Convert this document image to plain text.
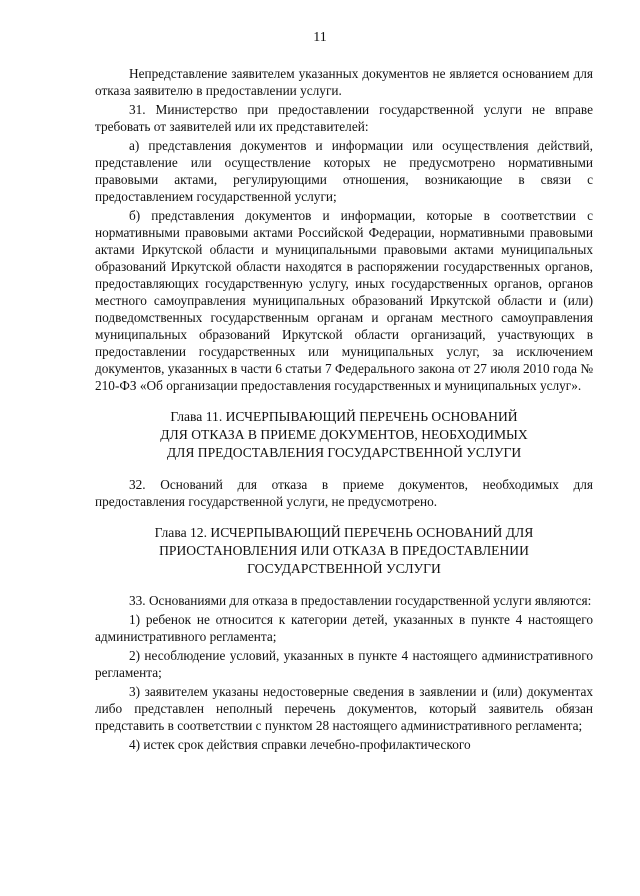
11

Непредставление заявителем указанных документов не является основанием для отказа заявителю в предоставлении услуги.

31. Министерство при предоставлении государственной услуги не вправе требовать от заявителей или их представителей:

а) представления документов и информации или осуществления действий, представление или осуществление которых не предусмотрено нормативными правовыми актами, регулирующими отношения, возникающие в связи с предоставлением государственной услуги;

б) представления документов и информации, которые в соответствии с нормативными правовыми актами Российской Федерации, нормативными правовыми актами Иркутской области и муниципальными правовыми актами муниципальных образований Иркутской области находятся в распоряжении государственных органов, предоставляющих государственную услугу, иных государственных органов, органов местного самоуправления муниципальных образований Иркутской области и (или) подведомственных государственным органам и органам местного самоуправления муниципальных образований Иркутской области организаций, участвующих в предоставлении государственных или муниципальных услуг, за исключением документов, указанных в части 6 статьи 7 Федерального закона от 27 июля 2010 года № 210-ФЗ «Об организации предоставления государственных и муниципальных услуг».

Глава 11. ИСЧЕРПЫВАЮЩИЙ ПЕРЕЧЕНЬ ОСНОВАНИЙ
ДЛЯ ОТКАЗА В ПРИЕМЕ ДОКУМЕНТОВ, НЕОБХОДИМЫХ
ДЛЯ ПРЕДОСТАВЛЕНИЯ ГОСУДАРСТВЕННОЙ УСЛУГИ

32. Оснований для отказа в приеме документов, необходимых для предоставления государственной услуги, не предусмотрено.

Глава 12. ИСЧЕРПЫВАЮЩИЙ ПЕРЕЧЕНЬ ОСНОВАНИЙ ДЛЯ
ПРИОСТАНОВЛЕНИЯ ИЛИ ОТКАЗА В ПРЕДОСТАВЛЕНИИ
ГОСУДАРСТВЕННОЙ УСЛУГИ

33. Основаниями для отказа в предоставлении государственной услуги являются:

1) ребенок не относится к категории детей, указанных в пункте 4 настоящего административного регламента;

2) несоблюдение условий, указанных в пункте 4 настоящего административного регламента;

3) заявителем указаны недостоверные сведения в заявлении и (или) документах либо представлен неполный перечень документов, который заявитель обязан представить в соответствии с пунктом 28 настоящего административного регламента;

4) истек срок действия справки лечебно-профилактического
